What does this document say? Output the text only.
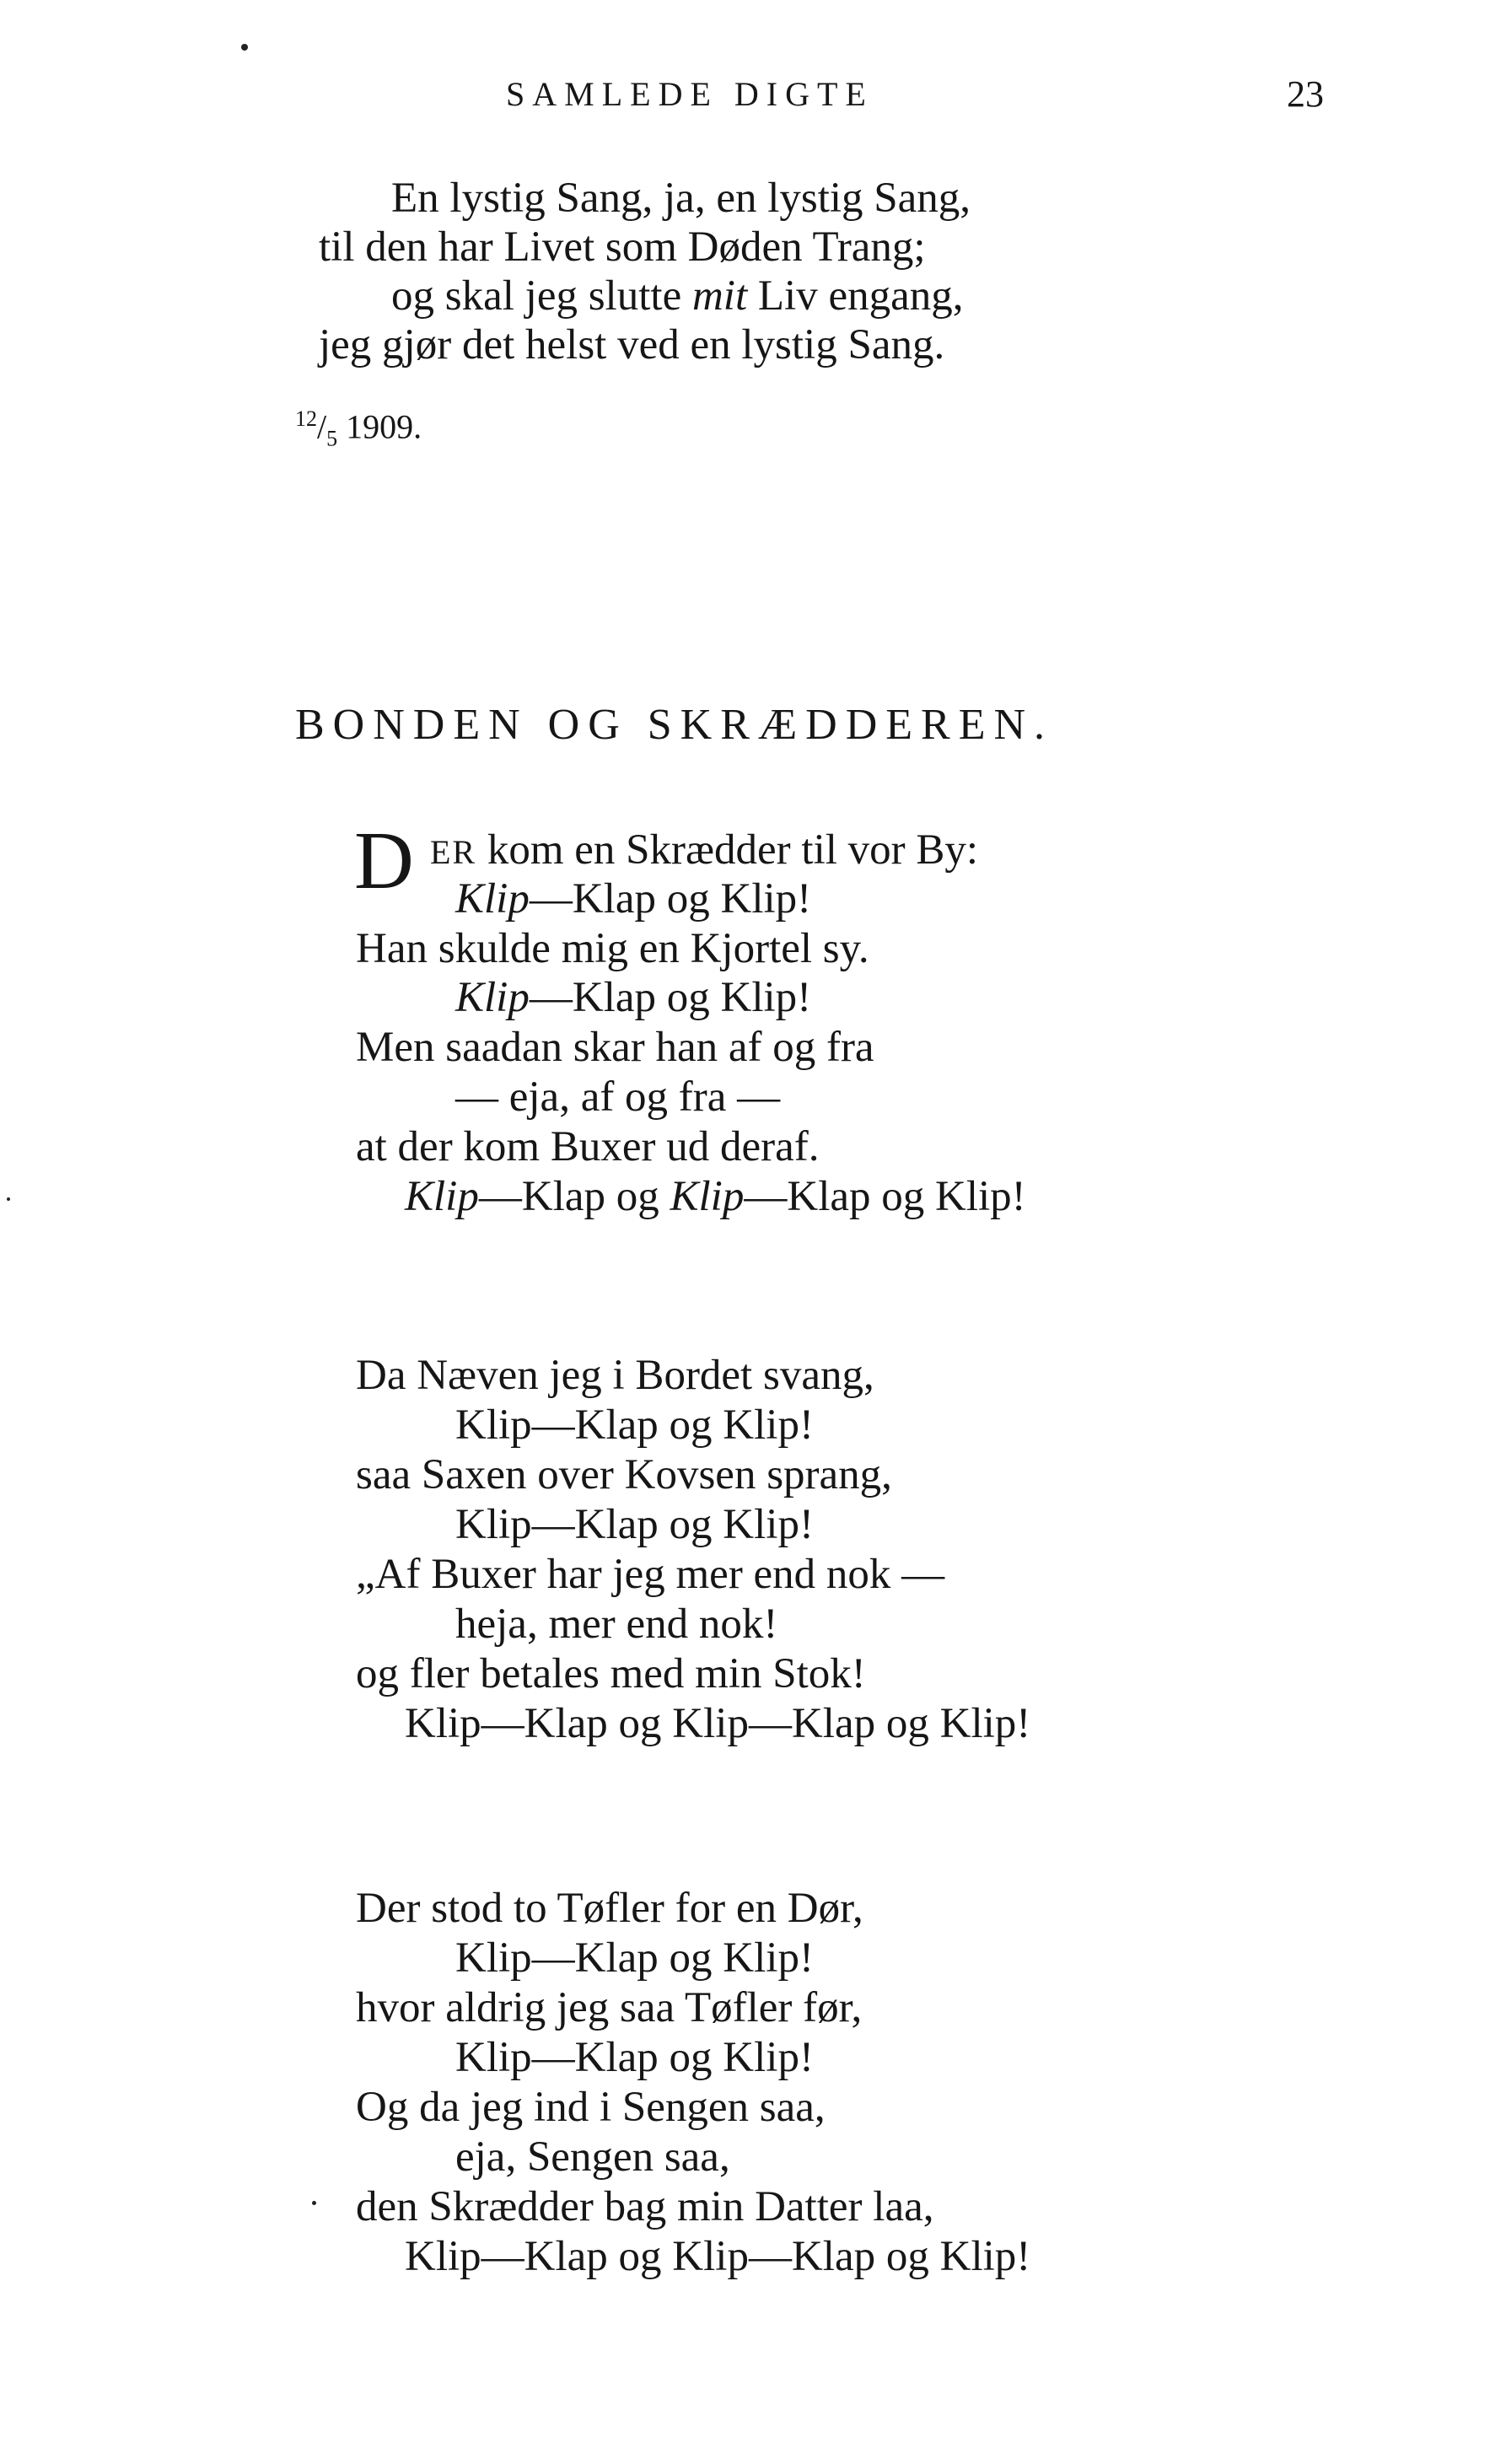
SAMLEDE DIGTE	23
En lystig Sang, ja, en lystig Sang,
til den har Livet som Døden Trang;
og skal jeg slutte mit Liv engang,
jeg gjør det helst ved en lystig Sang.
$^{12}/_5$ 1909.
BONDEN OG SKRÆDDEREN.
D ER kom en Skrædder til vor By:
Klip—Klap og Klip!
Han skulde mig en Kjortel sy.
Klip—Klap og Klip!
Men saadan skar han af og fra
— eja, af og fra —
at der kom Buxer ud deraf.
Klip—Klap og Klip—Klap og Klip!
Da Næven jeg i Bordet svang,
Klip—Klap og Klip!
saa Saxen over Kovsen sprang,
Klip—Klap og Klip!
„Af Buxer har jeg mer end nok —
heja, mer end nok!
og fler betales med min Stok!
Klip—Klap og Klip—Klap og Klip!
Der stod to Tøfler for en Dør,
Klip—Klap og Klip!
hvor aldrig jeg saa Tøfler før,
Klip—Klap og Klip!
Og da jeg ind i Sengen saa,
eja, Sengen saa,
den Skrædder bag min Datter laa,
Klip—Klap og Klip—Klap og Klip!
